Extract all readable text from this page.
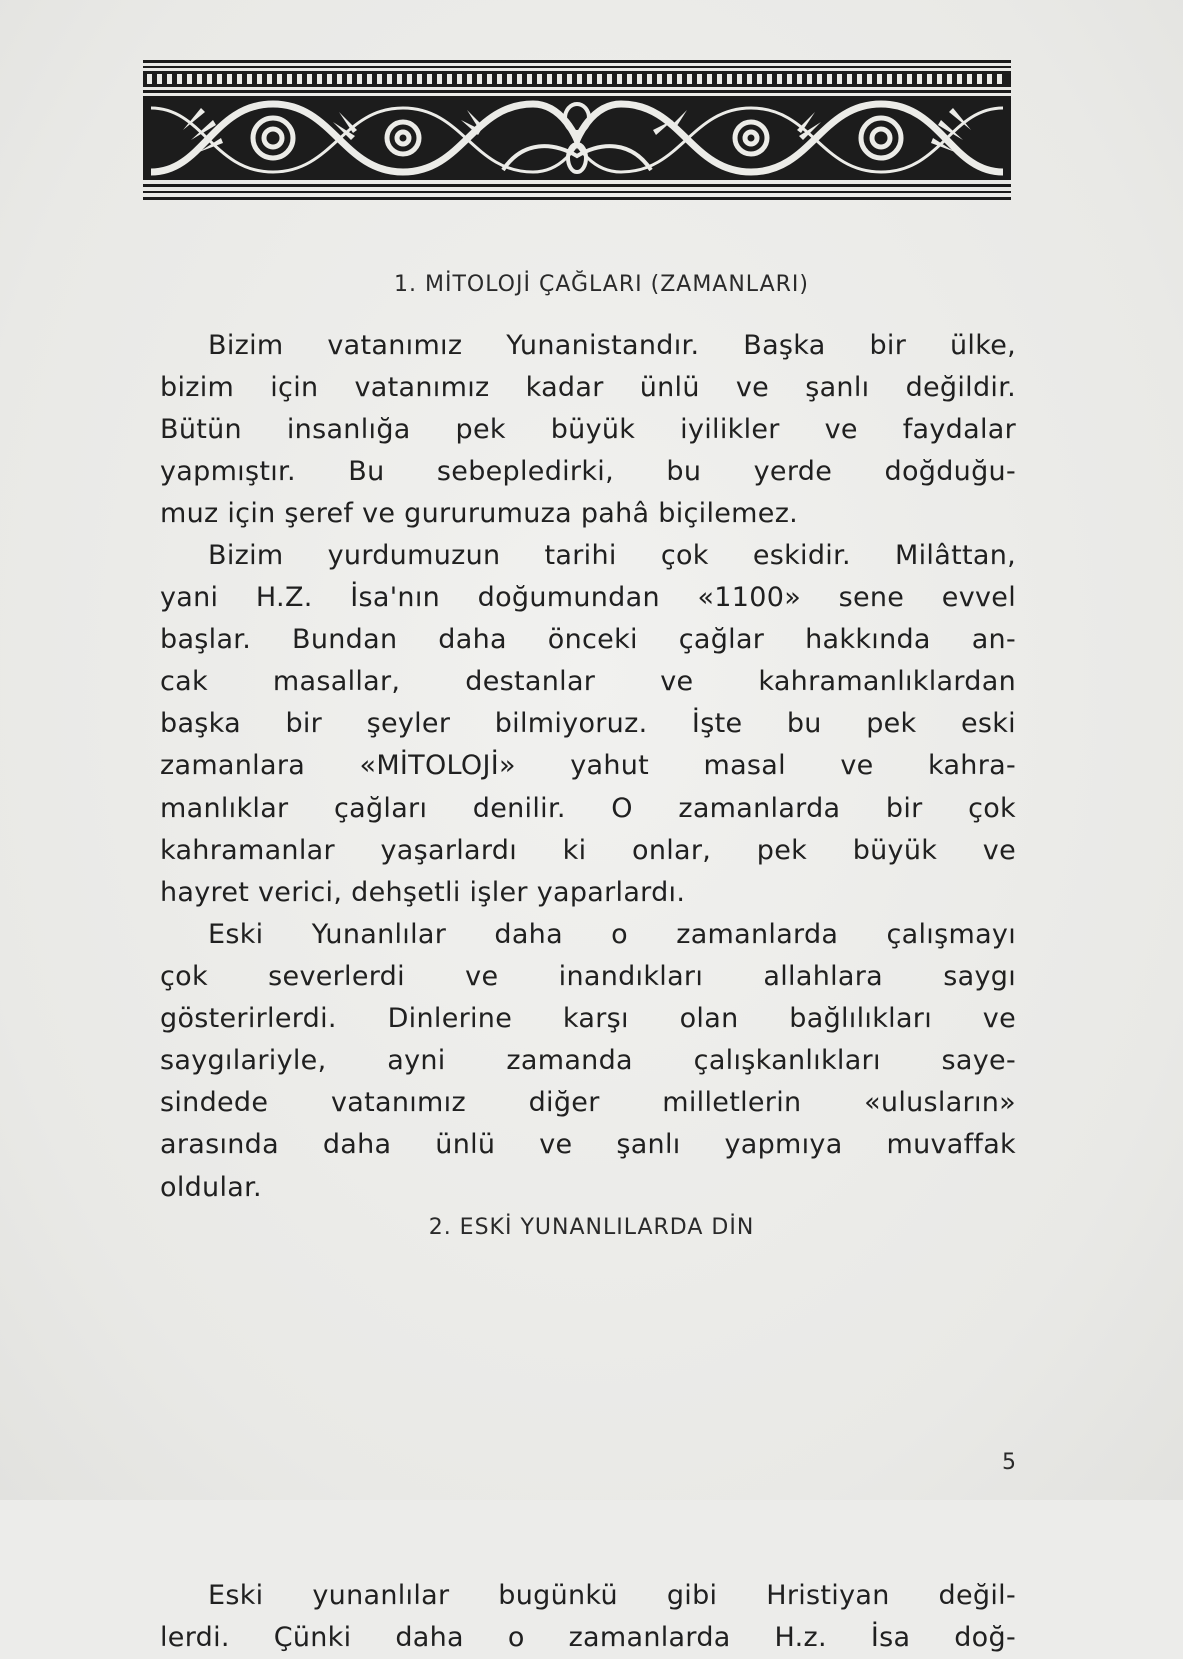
1. MİTOLOJİ ÇAĞLARI (ZAMANLARI)

Bizim vatanımız Yunanistandır. Başka bir ülke,
bizim için vatanımız kadar ünlü ve şanlı değildir.
Bütün insanlığa pek büyük iyilikler ve faydalar
yapmıştır. Bu sebepledirki, bu yerde doğduğu-
muz için şeref ve gururumuza pahâ biçilemez.

Bizim yurdumuzun tarihi çok eskidir. Milâttan,
yani H.Z. İsa'nın doğumundan «1100» sene evvel
başlar. Bundan daha önceki çağlar hakkında an-
cak masallar, destanlar ve kahramanlıklardan
başka bir şeyler bilmiyoruz. İşte bu pek eski
zamanlara «MİTOLOJİ» yahut masal ve kahra-
manlıklar çağları denilir. O zamanlarda bir çok
kahramanlar yaşarlardı ki onlar, pek büyük ve
hayret verici, dehşetli işler yaparlardı.

Eski Yunanlılar daha o zamanlarda çalışmayı
çok severlerdi ve inandıkları allahlara saygı
gösterirlerdi. Dinlerine karşı olan bağlılıkları ve
saygılariyle, ayni zamanda çalışkanlıkları saye-
sindede vatanımız diğer milletlerin «ulusların»
arasında daha ünlü ve şanlı yapmıya muvaffak
oldular.

2. ESKİ YUNANLILARDA DİN

Eski yunanlılar bugünkü gibi Hristiyan değil-
lerdi. Çünki daha o zamanlarda H.z. İsa doğ-

5
